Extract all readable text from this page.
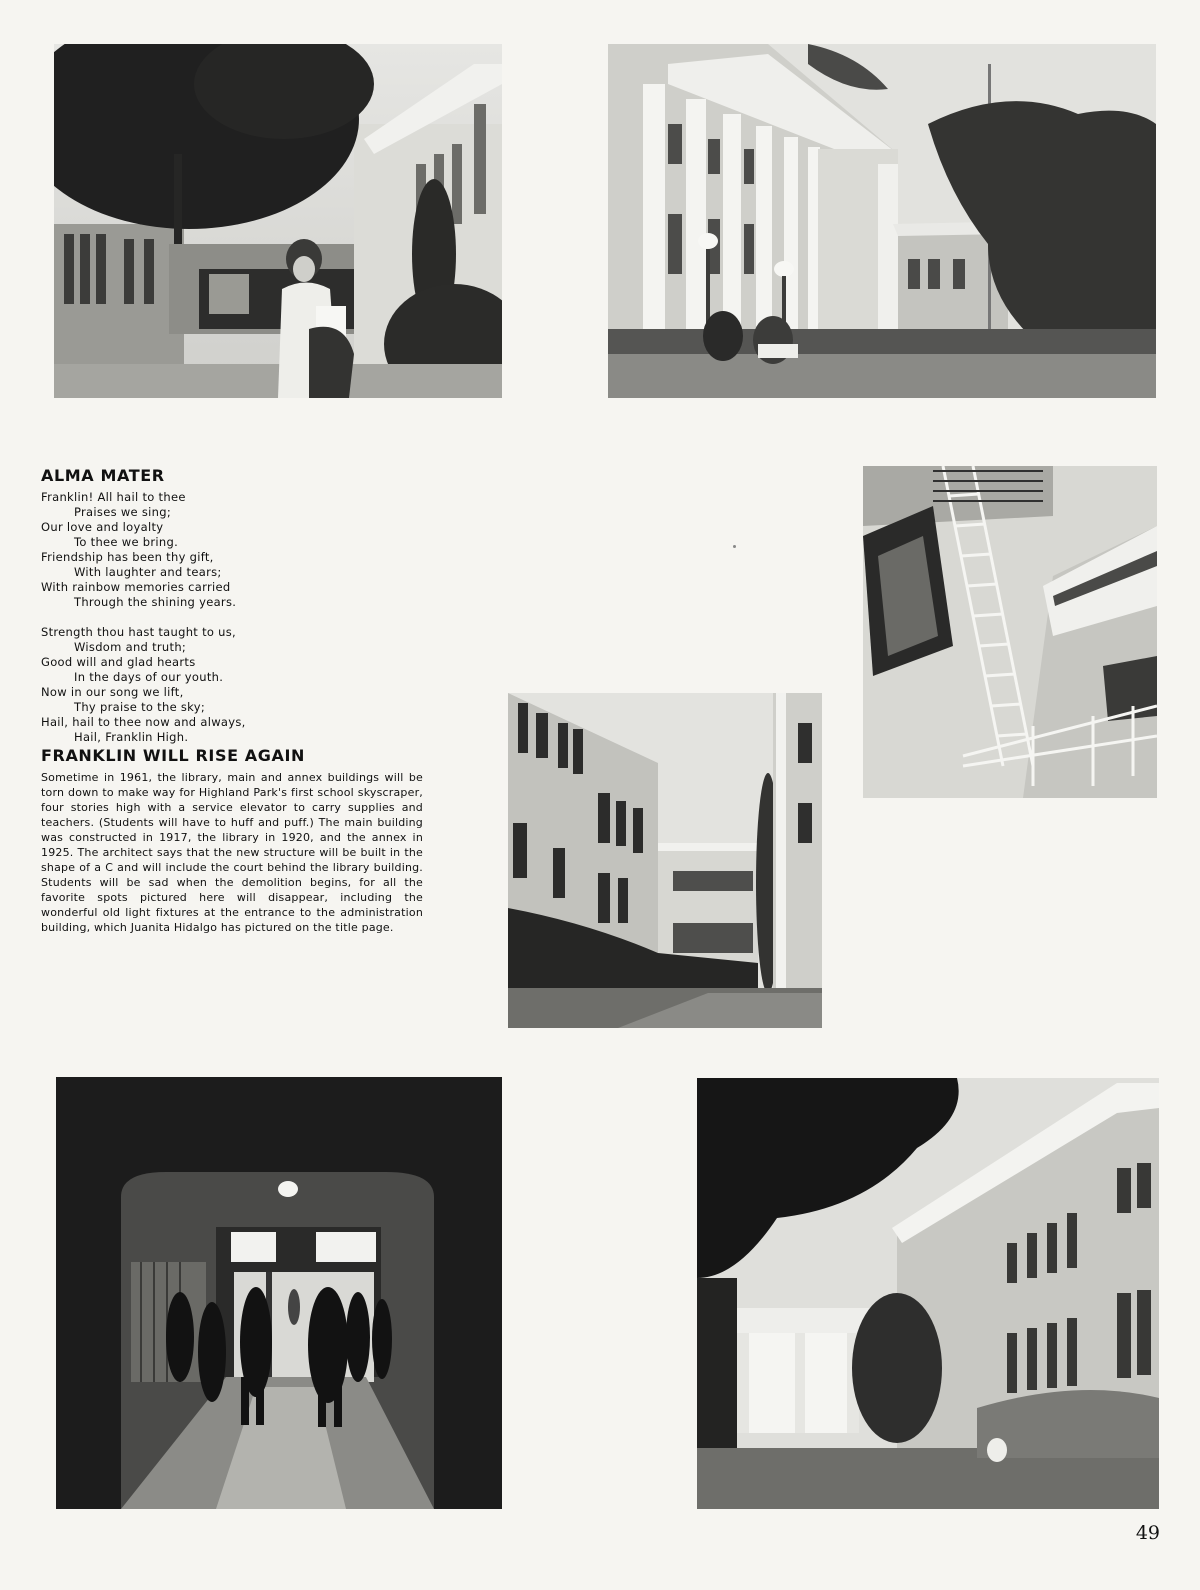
ALMA MATER
Franklin! All hail to thee
Praises we sing;
Our love and loyalty
To thee we bring.
Friendship has been thy gift,
With laughter and tears;
With rainbow memories carried
Through the shining years.
Strength thou hast taught to us,
Wisdom and truth;
Good will and glad hearts
In the days of our youth.
Now in our song we lift,
Thy praise to the sky;
Hail, hail to thee now and always,
Hail, Franklin High.
FRANKLIN WILL RISE AGAIN

Sometime in 1961, the library, main and annex buildings will be torn down to make way for Highland Park's first school skyscraper, four stories high with a service elevator to carry supplies and teachers. (Students will have to huff and puff.) The main building was constructed in 1917, the library in 1920, and the annex in 1925. The architect says that the new structure will be built in the shape of a C and will include the court behind the library building. Students will be sad when the demolition begins, for all the favorite spots pictured here will disappear, including the wonderful old light fixtures at the entrance to the administration building, which Juanita Hidalgo has pictured on the title page.

49
